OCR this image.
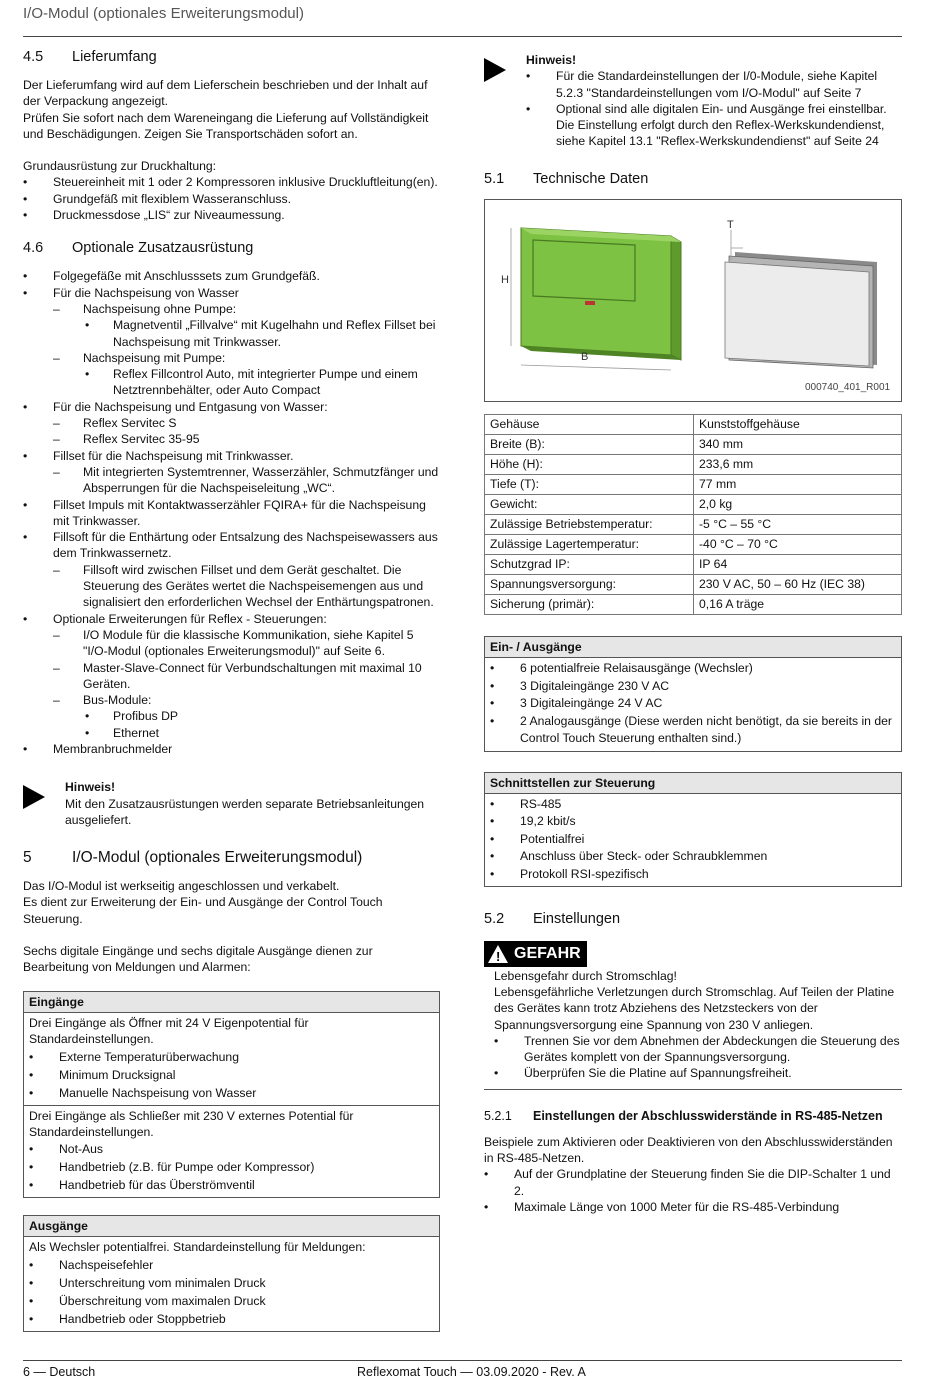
I/O-Modul (optionales Erweiterungsmodul)
4.5	Lieferumfang

Der Lieferumfang wird auf dem Lieferschein beschrieben und der Inhalt auf der Verpackung angezeigt.

Prüfen Sie sofort nach dem Wareneingang die Lieferung auf Vollständigkeit und Beschädigungen. Zeigen Sie Transportschäden sofort an.

Grundausrüstung zur Druckhaltung:

• Steuereinheit mit 1 oder 2 Kompressoren inklusive Druckluftleitung(en).
• Grundgefäß mit flexiblem Wasseranschluss.
• Druckmessdose „LIS“ zur Niveaumessung.
4.6	Optionale Zusatzausrüstung
• Folgegefäße mit Anschlusssets zum Grundgefäß.
• Für die Nachspeisung von Wasser
– Nachspeisung ohne Pumpe:
• Magnetventil „Fillvalve“ mit Kugelhahn und Reflex Fillset bei Nachspeisung mit Trinkwasser.
– Nachspeisung mit Pumpe:
• Reflex Fillcontrol Auto, mit integrierter Pumpe und einem Netztrennbehälter, oder Auto Compact
• Für die Nachspeisung und Entgasung von Wasser:
– Reflex Servitec S
– Reflex Servitec 35-95
• Fillset für die Nachspeisung mit Trinkwasser.
– Mit integrierten Systemtrenner, Wasserzähler, Schmutzfänger und Absperrungen für die Nachspeiseleitung „WC“.
• Fillset Impuls mit Kontaktwasserzähler FQIRA+ für die Nachspeisung mit Trinkwasser.
• Fillsoft für die Enthärtung oder Entsalzung des Nachspeisewassers aus dem Trinkwassernetz.
– Fillsoft wird zwischen Fillset und dem Gerät geschaltet. Die Steuerung des Gerätes wertet die Nachspeisemengen aus und signalisiert den erforderlichen Wechsel der Enthärtungspatronen.
• Optionale Erweiterungen für Reflex - Steuerungen:
– I/O Module für die klassische Kommunikation, siehe Kapitel 5 "I/O-Modul (optionales Erweiterungsmodul)" auf Seite 6.
– Master-Slave-Connect für Verbundschaltungen mit maximal 10 Geräten.
– Bus-Module:
• Profibus DP
• Ethernet
• Membranbruchmelder

Hinweis!

Mit den Zusatzausrüstungen werden separate Betriebsanleitungen ausgeliefert.

5	I/O-Modul (optionales Erweiterungsmodul)

Das I/O-Modul ist werkseitig angeschlossen und verkabelt.

Es dient zur Erweiterung der Ein- und Ausgänge der Control Touch Steuerung.

Sechs digitale Eingänge und sechs digitale Ausgänge dienen zur Bearbeitung von Meldungen und Alarmen:

Eingänge

Drei Eingänge als Öffner mit 24 V Eigenpotential für Standardeinstellungen.

• Externe Temperaturüberwachung
• Minimum Drucksignal
• Manuelle Nachspeisung von Wasser

Drei Eingänge als Schließer mit 230 V externes Potential für Standardeinstellungen.

• Not-Aus
• Handbetrieb (z.B. für Pumpe oder Kompressor)
• Handbetrieb für das Überströmventil
Ausgänge

Als Wechsler potentialfrei. Standardeinstellung für Meldungen:

• Nachspeisefehler
• Unterschreitung vom minimalen Druck
• Überschreitung vom maximalen Druck
• Handbetrieb oder Stoppbetrieb

Hinweis!

• Für die Standardeinstellungen der I/0-Module, siehe Kapitel 5.2.3 "Standardeinstellungen vom I/O-Modul" auf Seite 7
• Optional sind alle digitalen Ein- und Ausgänge frei einstellbar. Die Einstellung erfolgt durch den Reflex-Werkskundendienst, siehe Kapitel 13.1 "Reflex-Werkskundendienst" auf Seite 24
5.1	Technische Daten
H
B
T
000740_401_R001
Gehäuse	Kunststoffgehäuse
Breite (B):	340 mm
Höhe (H):	233,6 mm
Tiefe (T):	77 mm
Gewicht:	2,0 kg
Zulässige Betriebstemperatur:	-5 °C – 55 °C
Zulässige Lagertemperatur:	-40 °C – 70 °C
Schutzgrad IP:	IP 64
Spannungsversorgung:	230 V AC, 50 – 60 Hz (IEC 38)
Sicherung (primär):	0,16 A träge
Ein- / Ausgänge
• 6 potentialfreie Relaisausgänge (Wechsler)
• 3 Digitaleingänge 230 V AC
• 3 Digitaleingänge 24 V AC
• 2 Analogausgänge (Diese werden nicht benötigt, da sie bereits in der Control Touch Steuerung enthalten sind.)
Schnittstellen zur Steuerung
• RS-485
• 19,2 kbit/s
• Potentialfrei
• Anschluss über Steck- oder Schraubklemmen
• Protokoll RSI-spezifisch
5.2	Einstellungen
! GEFAHR

Lebensgefahr durch Stromschlag!

Lebensgefährliche Verletzungen durch Stromschlag. Auf Teilen der Platine des Gerätes kann trotz Abziehens des Netzsteckers von der Spannungsversorgung eine Spannung von 230 V anliegen.

• Trennen Sie vor dem Abnehmen der Abdeckungen die Steuerung des Gerätes komplett von der Spannungsversorgung.
• Überprüfen Sie die Platine auf Spannungsfreiheit.
5.2.1	Einstellungen der Abschlusswiderstände in RS-485-Netzen

Beispiele zum Aktivieren oder Deaktivieren von den Abschlusswiderständen in RS-485-Netzen.

• Auf der Grundplatine der Steuerung finden Sie die DIP-Schalter 1 und 2.
• Maximale Länge von 1000 Meter für die RS-485-Verbindung
6 — Deutsch	Reflexomat Touch — 03.09.2020 - Rev. A
